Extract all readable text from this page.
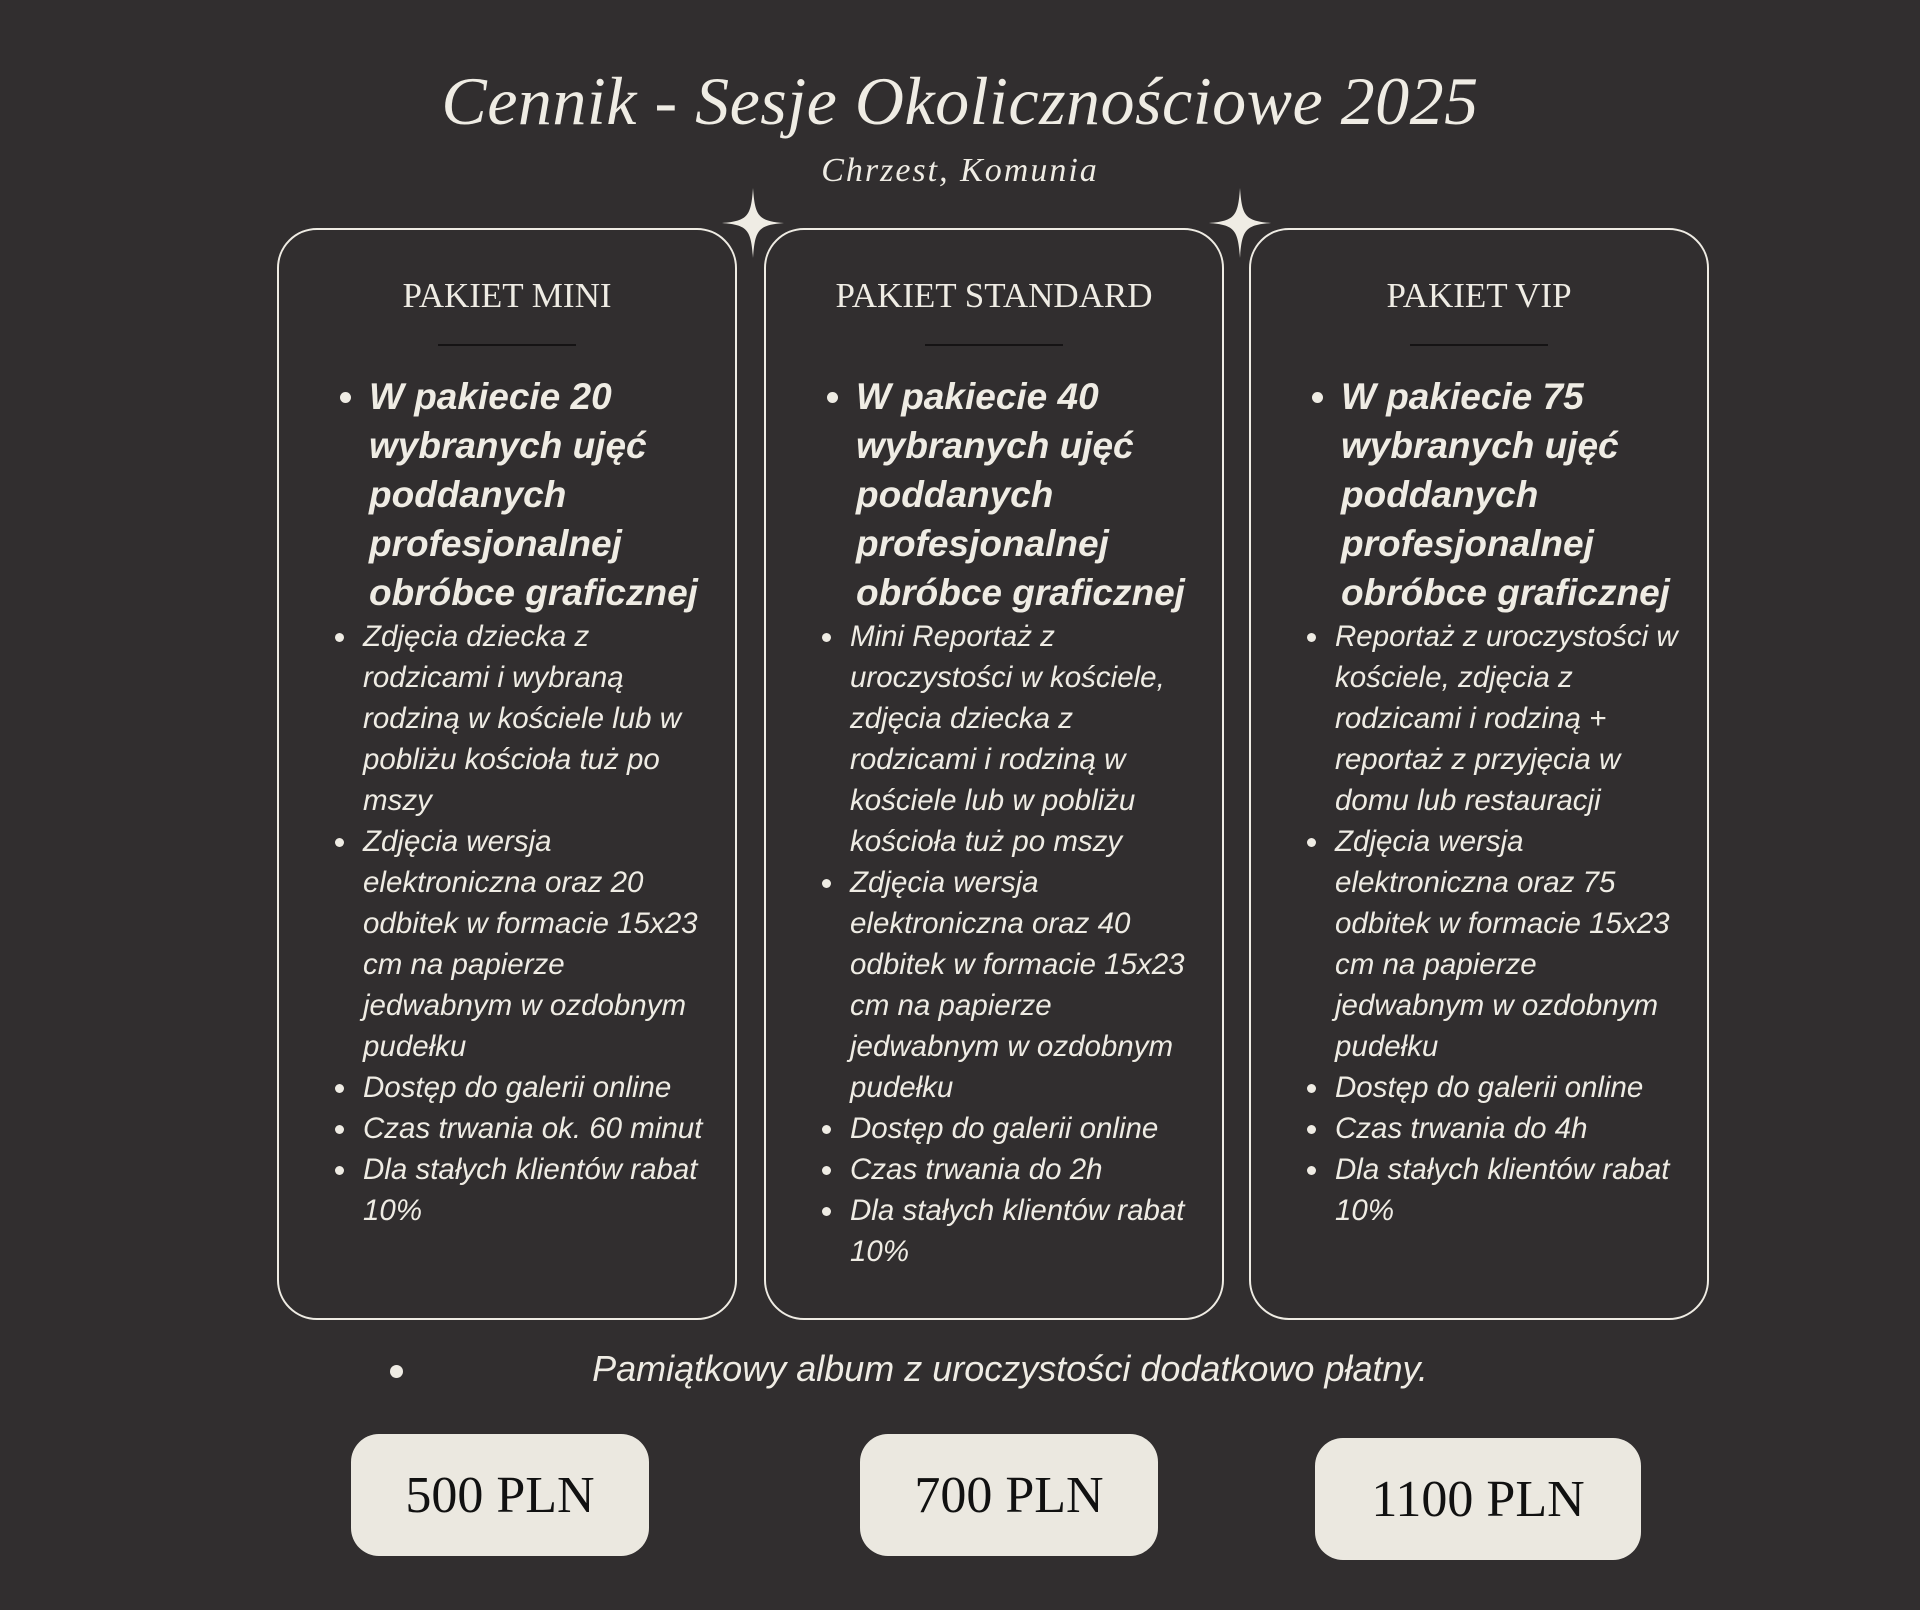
Cennik - Sesje Okolicznościowe 2025
Chrzest, Komunia
PAKIET MINI
• W pakiecie 20 wybranych ujęć poddanych profesjonalnej obróbce graficznej
• Zdjęcia dziecka z rodzicami i wybraną rodziną w kościele lub w pobliżu kościoła tuż po mszy
• Zdjęcia wersja elektroniczna oraz 20 odbitek w formacie 15x23 cm na papierze jedwabnym w ozdobnym pudełku
• Dostęp do galerii online
• Czas trwania ok. 60 minut
• Dla stałych klientów rabat 10%
PAKIET STANDARD
• W pakiecie 40 wybranych ujęć poddanych profesjonalnej obróbce graficznej
• Mini Reportaż z uroczystości w kościele, zdjęcia dziecka z rodzicami i rodziną w kościele lub w pobliżu kościoła tuż po mszy
• Zdjęcia wersja elektroniczna oraz 40 odbitek w formacie 15x23 cm na papierze jedwabnym w ozdobnym pudełku
• Dostęp do galerii online
• Czas trwania do 2h
• Dla stałych klientów rabat 10%
PAKIET VIP
• W pakiecie 75 wybranych ujęć poddanych profesjonalnej obróbce graficznej
• Reportaż z uroczystości w kościele, zdjęcia z rodzicami i rodziną + reportaż z przyjęcia w domu lub restauracji
• Zdjęcia wersja elektroniczna oraz 75 odbitek w formacie 15x23 cm na papierze jedwabnym w ozdobnym pudełku
• Dostęp do galerii online
• Czas trwania do 4h
• Dla stałych klientów rabat 10%
Pamiątkowy album z uroczystości dodatkowo płatny.
500 PLN	700 PLN	1100 PLN
